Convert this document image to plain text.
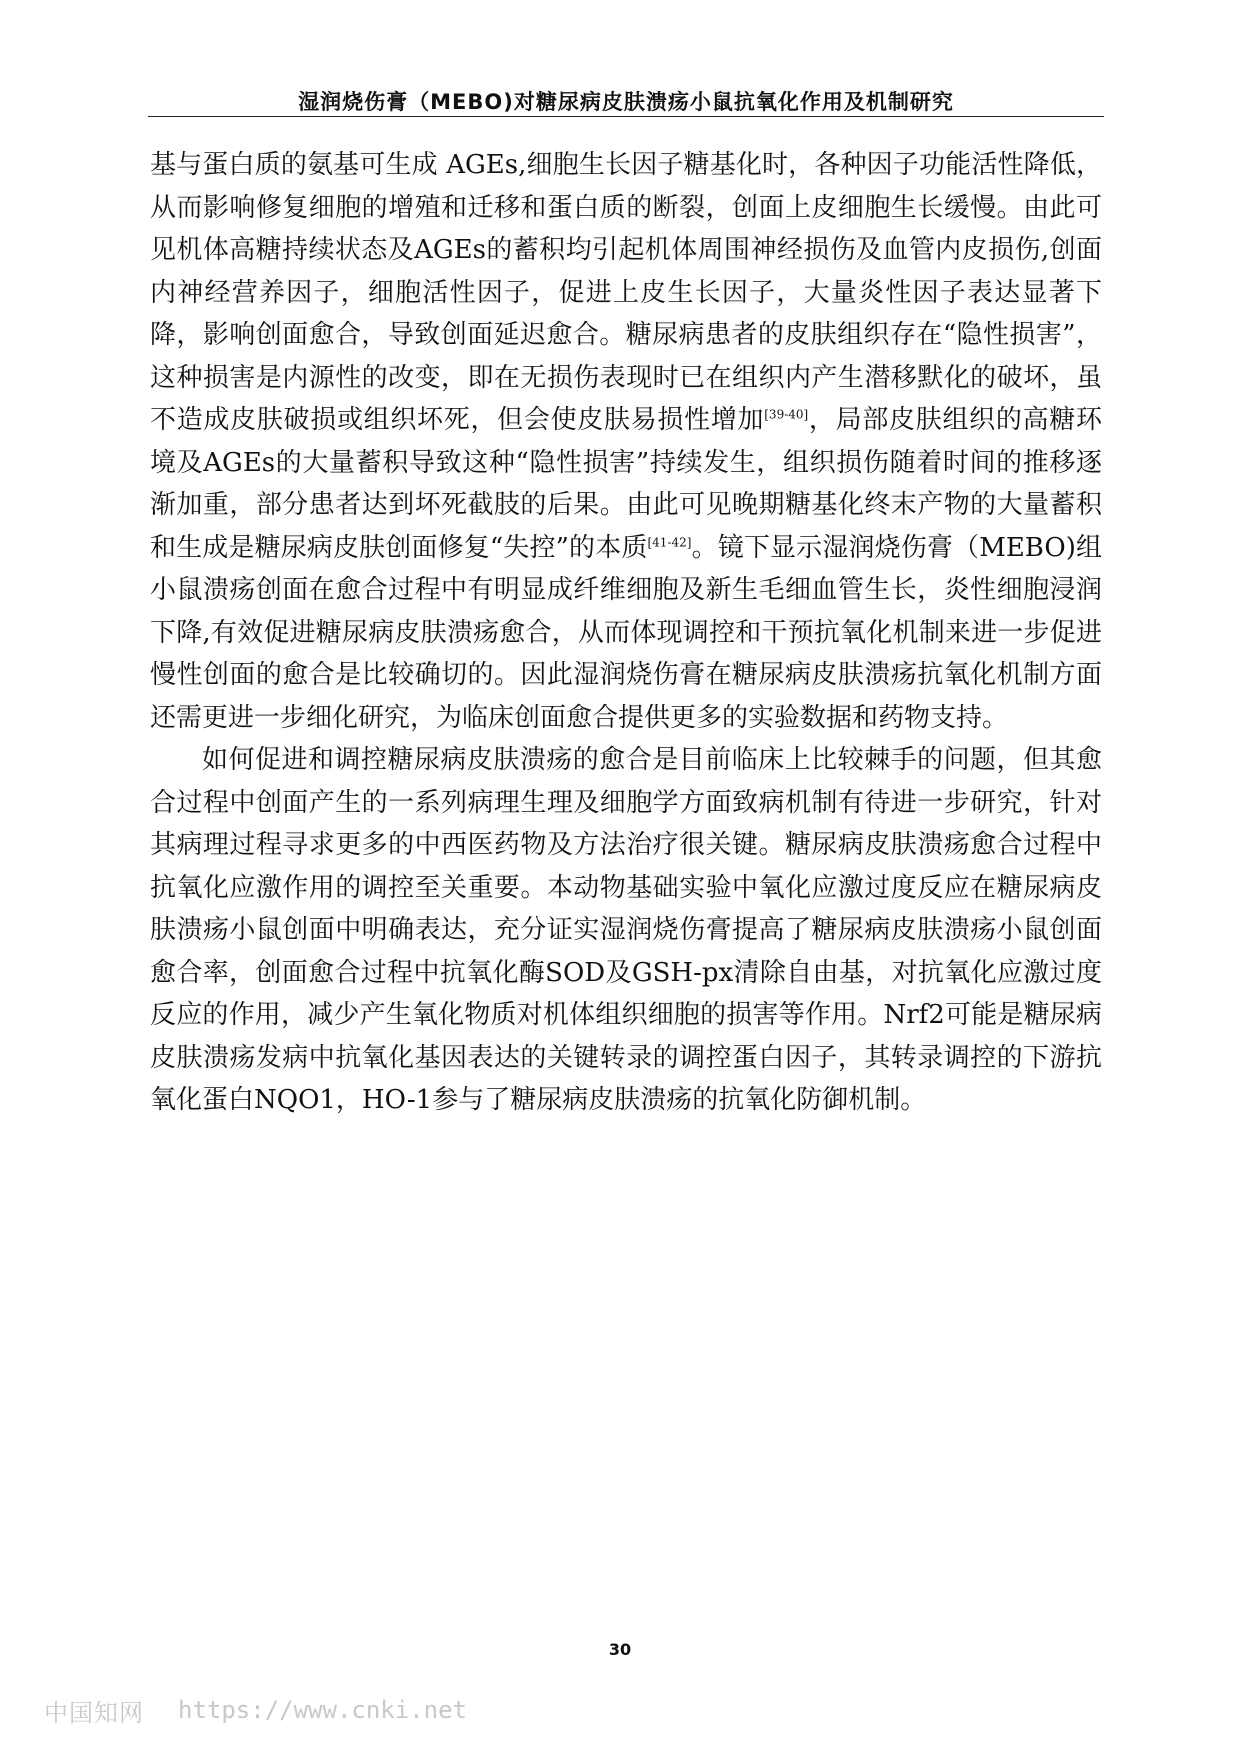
湿润烧伤膏（MEBO)对糖尿病皮肤溃疡小鼠抗氧化作用及机制研究

基与蛋白质的氨基可生成 AGEs,细胞生长因子糖基化时，各种因子功能活性降低，从而影响修复细胞的增殖和迁移和蛋白质的断裂，创面上皮细胞生长缓慢。由此可见机体高糖持续状态及AGEs的蓄积均引起机体周围神经损伤及血管内皮损伤,创面内神经营养因子，细胞活性因子，促进上皮生长因子，大量炎性因子表达显著下降，影响创面愈合，导致创面延迟愈合。糖尿病患者的皮肤组织存在“隐性损害”，这种损害是内源性的改变，即在无损伤表现时已在组织内产生潜移默化的破坏，虽不造成皮肤破损或组织坏死，但会使皮肤易损性增加[39-40]，局部皮肤组织的高糖环境及AGEs的大量蓄积导致这种“隐性损害”持续发生，组织损伤随着时间的推移逐渐加重，部分患者达到坏死截肢的后果。由此可见晚期糖基化终末产物的大量蓄积和生成是糖尿病皮肤创面修复“失控”的本质[41-42]。镜下显示湿润烧伤膏（MEBO)组小鼠溃疡创面在愈合过程中有明显成纤维细胞及新生毛细血管生长，炎性细胞浸润下降,有效促进糖尿病皮肤溃疡愈合，从而体现调控和干预抗氧化机制来进一步促进慢性创面的愈合是比较确切的。因此湿润烧伤膏在糖尿病皮肤溃疡抗氧化机制方面还需更进一步细化研究，为临床创面愈合提供更多的实验数据和药物支持。

如何促进和调控糖尿病皮肤溃疡的愈合是目前临床上比较棘手的问题，但其愈合过程中创面产生的一系列病理生理及细胞学方面致病机制有待进一步研究，针对其病理过程寻求更多的中西医药物及方法治疗很关键。糖尿病皮肤溃疡愈合过程中抗氧化应激作用的调控至关重要。本动物基础实验中氧化应激过度反应在糖尿病皮肤溃疡小鼠创面中明确表达，充分证实湿润烧伤膏提高了糖尿病皮肤溃疡小鼠创面愈合率，创面愈合过程中抗氧化酶SOD及GSH-px清除自由基，对抗氧化应激过度反应的作用，减少产生氧化物质对机体组织细胞的损害等作用。Nrf2可能是糖尿病皮肤溃疡发病中抗氧化基因表达的关键转录的调控蛋白因子，其转录调控的下游抗氧化蛋白NQO1，HO-1参与了糖尿病皮肤溃疡的抗氧化防御机制。

30
中国知网 https://www.cnki.net
